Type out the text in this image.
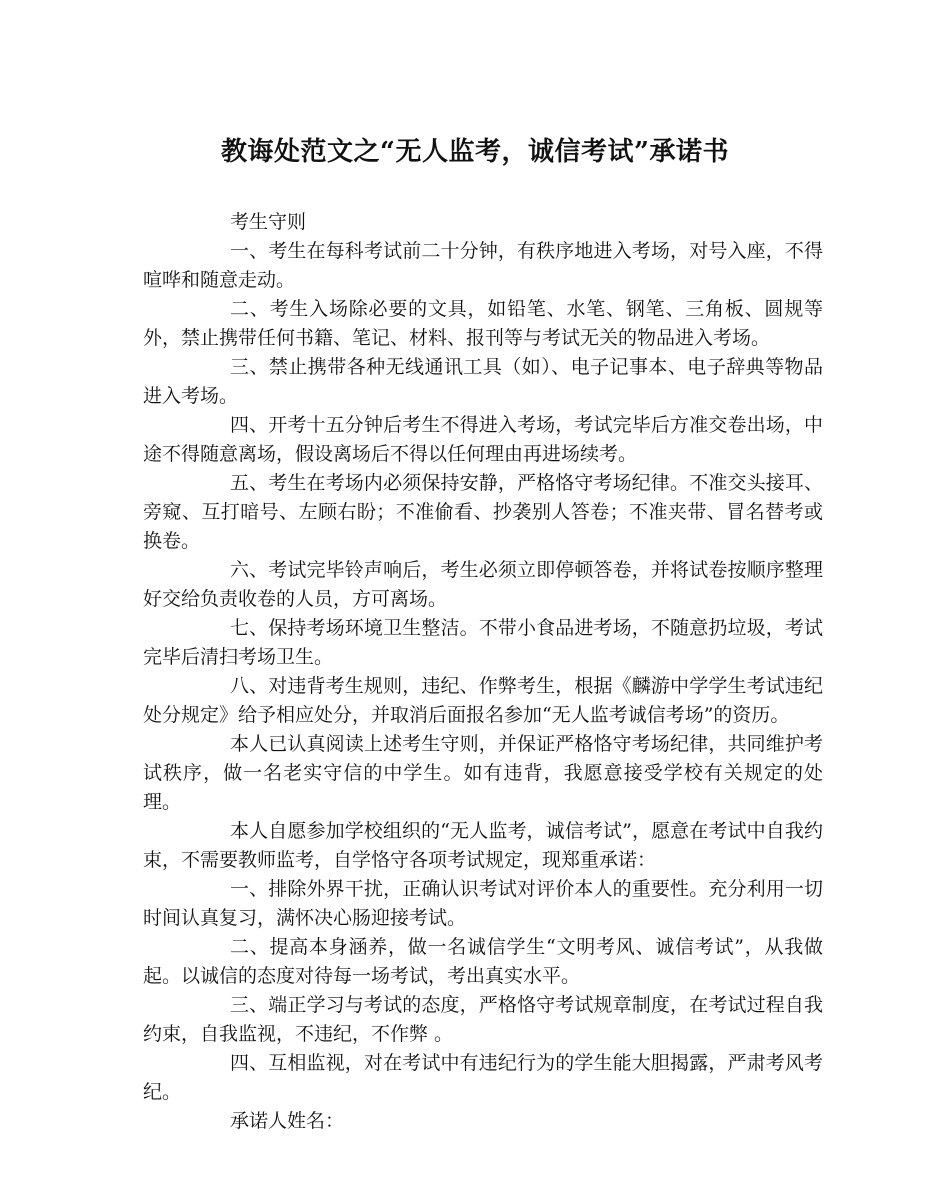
教诲处范文之“无人监考，诚信考试”承诺书

考生守则

一、考生在每科考试前二十分钟，有秩序地进入考场，对号入座，不得喧哗和随意走动。

二、考生入场除必要的文具，如铅笔、水笔、钢笔、三角板、圆规等外，禁止携带任何书籍、笔记、材料、报刊等与考试无关的物品进入考场。

三、禁止携带各种无线通讯工具（如）、电子记事本、电子辞典等物品进入考场。

四、开考十五分钟后考生不得进入考场，考试完毕后方准交卷出场，中途不得随意离场，假设离场后不得以任何理由再进场续考。

五、考生在考场内必须保持安静，严格恪守考场纪律。不准交头接耳、旁窥、互打暗号、左顾右盼；不准偷看、抄袭别人答卷；不准夹带、冒名替考或换卷。

六、考试完毕铃声响后，考生必须立即停顿答卷，并将试卷按顺序整理好交给负责收卷的人员，方可离场。

七、保持考场环境卫生整洁。不带小食品进考场，不随意扔垃圾，考试完毕后清扫考场卫生。

八、对违背考生规则，违纪、作弊考生，根据《麟游中学学生考试违纪处分规定》给予相应处分，并取消后面报名参加“无人监考诚信考场”的资历。

本人已认真阅读上述考生守则，并保证严格恪守考场纪律，共同维护考试秩序，做一名老实守信的中学生。如有违背，我愿意接受学校有关规定的处理。

本人自愿参加学校组织的“无人监考，诚信考试”，愿意在考试中自我约束，不需要教师监考，自学恪守各项考试规定，现郑重承诺：

一、排除外界干扰，正确认识考试对评价本人的重要性。充分利用一切时间认真复习，满怀决心肠迎接考试。

二、提高本身涵养，做一名诚信学生“文明考风、诚信考试”，从我做起。以诚信的态度对待每一场考试，考出真实水平。

三、端正学习与考试的态度，严格恪守考试规章制度，在考试过程自我约束，自我监视，不违纪，不作弊 。

四、互相监视，对在考试中有违纪行为的学生能大胆揭露，严肃考风考纪。

承诺人姓名：
